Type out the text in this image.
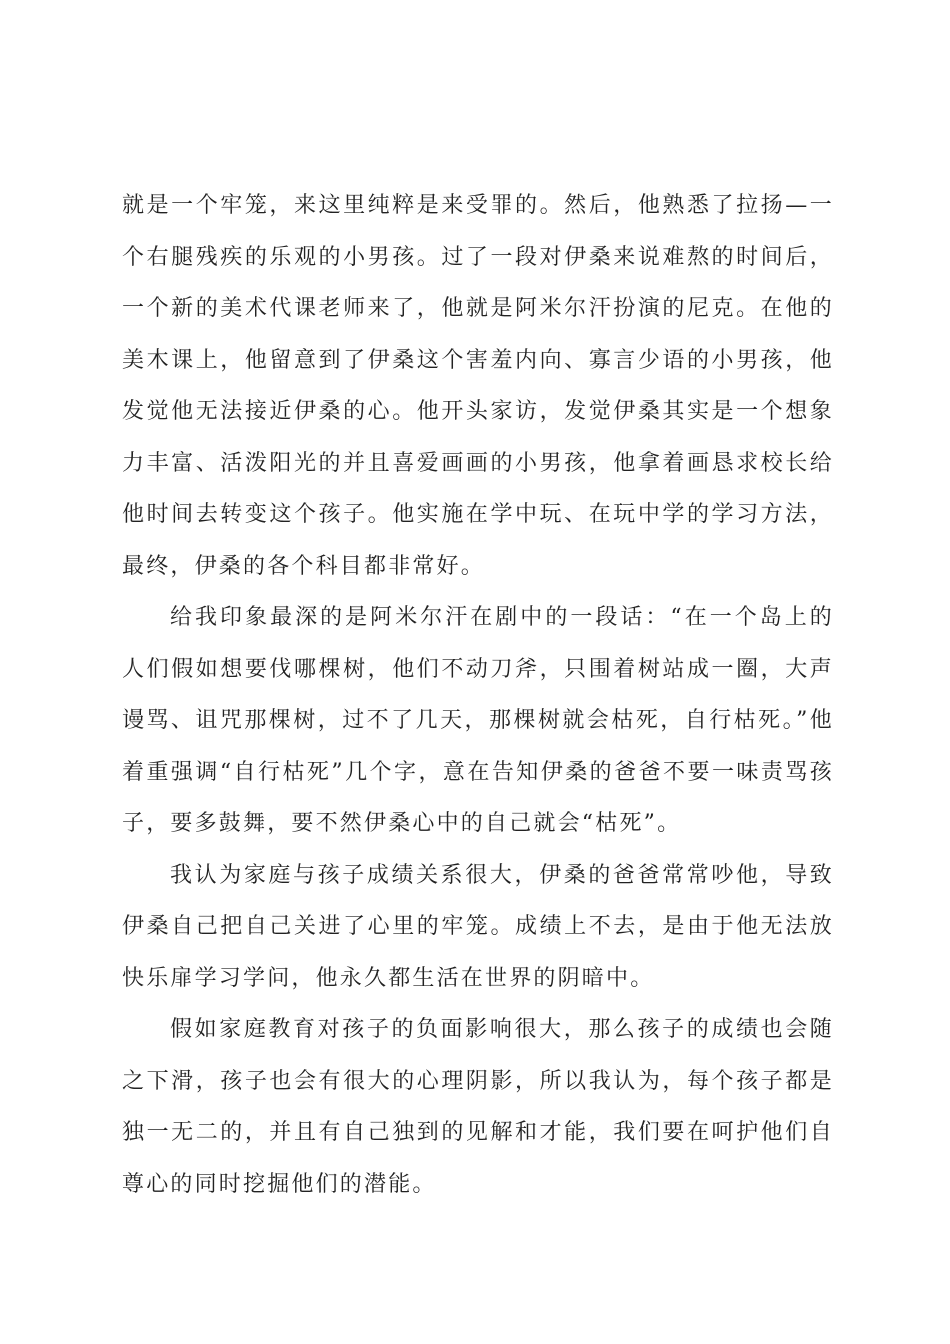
就是一个牢笼，来这里纯粹是来受罪的。然后，他熟悉了拉扬—一个右腿残疾的乐观的小男孩。过了一段对伊桑来说难熬的时间后，一个新的美术代课老师来了，他就是阿米尔汗扮演的尼克。在他的美木课上，他留意到了伊桑这个害羞内向、寡言少语的小男孩，他发觉他无法接近伊桑的心。他开头家访，发觉伊桑其实是一个想象力丰富、活泼阳光的并且喜爱画画的小男孩，他拿着画恳求校长给他时间去转变这个孩子。他实施在学中玩、在玩中学的学习方法，最终，伊桑的各个科目都非常好。

给我印象最深的是阿米尔汗在剧中的一段话：“在一个岛上的人们假如想要伐哪棵树，他们不动刀斧，只围着树站成一圈，大声谩骂、诅咒那棵树，过不了几天，那棵树就会枯死，自行枯死。”他着重强调“自行枯死”几个字，意在告知伊桑的爸爸不要一味责骂孩子，要多鼓舞，要不然伊桑心中的自己就会“枯死”。

我认为家庭与孩子成绩关系很大，伊桑的爸爸常常吵他，导致伊桑自己把自己关进了心里的牢笼。成绩上不去，是由于他无法放快乐扉学习学问，他永久都生活在世界的阴暗中。

假如家庭教育对孩子的负面影响很大，那么孩子的成绩也会随之下滑，孩子也会有很大的心理阴影，所以我认为，每个孩子都是独一无二的，并且有自己独到的见解和才能，我们要在呵护他们自尊心的同时挖掘他们的潜能。
